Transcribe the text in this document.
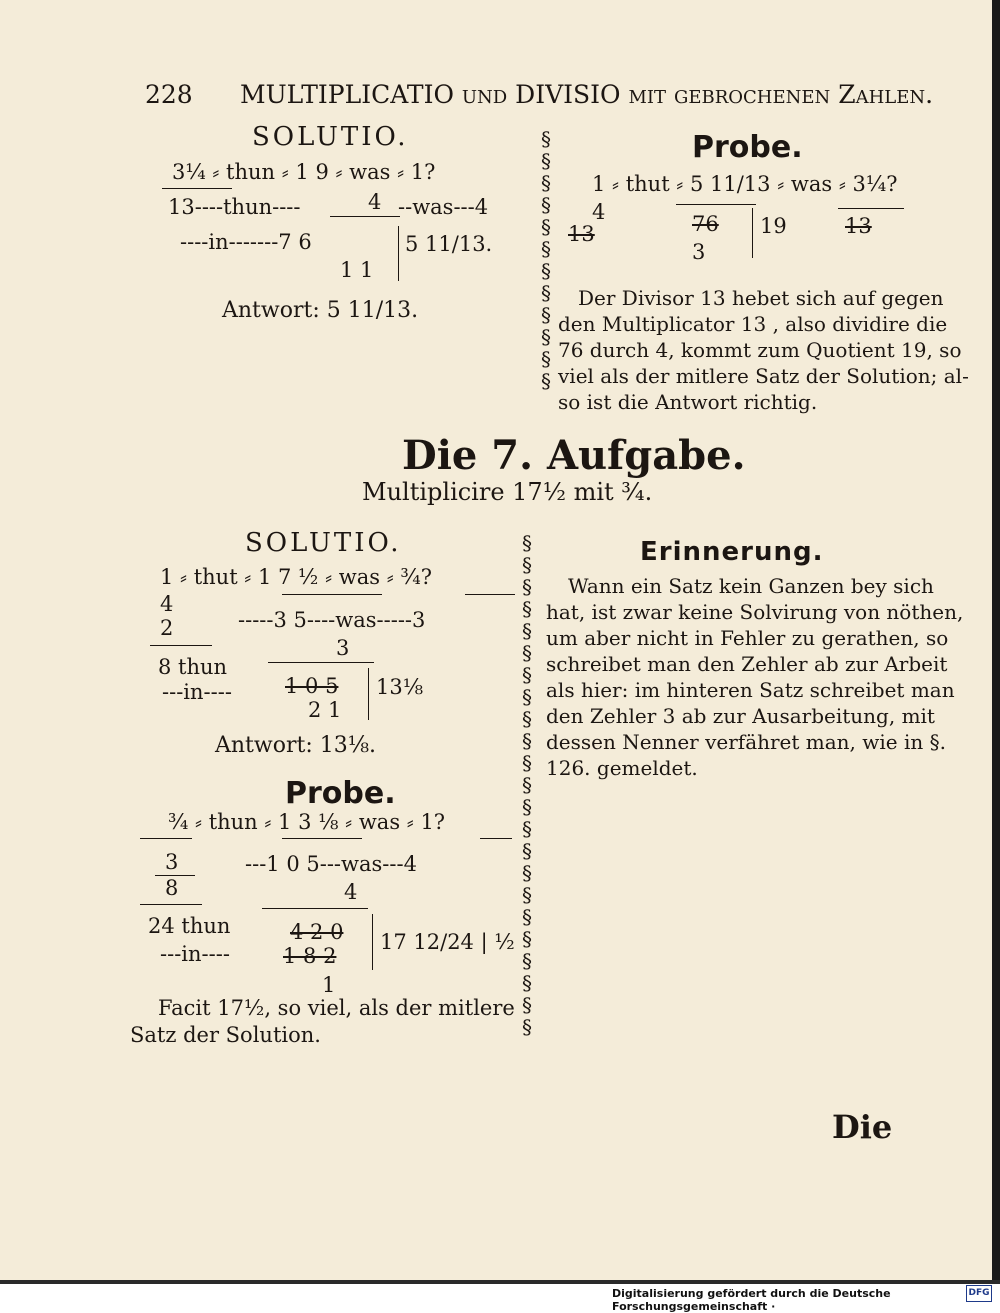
228 MULTIPLICATIO und DIVISIO mit gebrochenen Zahlen.
SOLUTIO.
3¼ ⸗ thun ⸗ 1 9 ⸗ was ⸗ 1?
13----thun----	4 --was---4
----in-------7 6	5 11/13.
1 1
Antwort: 5 11/13.
§
§
§
§
§
§
§
§
§
§
§
§
Probe.
1 ⸗ thut ⸗ 5 11/13 ⸗ was ⸗ 3¼?
4
13	76 19	13
3
Der Divisor 13 hebet sich auf gegen
den Multiplicator 13 , also dividire die
76 durch 4, kommt zum Quotient 19, so
viel als der mitlere Satz der Solution; al-
so ist die Antwort richtig.
Die 7. Aufgabe.
Multiplicire 17½ mit ¾.
SOLUTIO.
1 ⸗ thut ⸗ 1 7 ½ ⸗ was ⸗ ¾?
4
2	-----3 5----was-----3
3
8 thun
---in----	1 0 5 13⅛
2 1
Antwort: 13⅛.
Probe.
¾ ⸗ thun ⸗ 1 3 ⅛ ⸗ was ⸗ 1?
3	---1 0 5---was---4
8	4
24 thun
---in----
4 2 0
1 8 2
17 12/24 | ½
1
Facit 17½, so viel, als der mitlere
Satz der Solution.
§
§
§
§
§
§
§
§
§
§
§
§
§
§
§
§
§
§
§
§
§
§
§
Erinnerung.
Wann ein Satz kein Ganzen bey sich
hat, ist zwar keine Solvirung von nöthen,
um aber nicht in Fehler zu gerathen, so
schreibet man den Zehler ab zur Arbeit
als hier: im hinteren Satz schreibet man
den Zehler 3 ab zur Ausarbeitung, mit
dessen Nenner verfähret man, wie in §.
126. gemeldet.
Die
Digitalisierung gefördert durch die Deutsche Forschungsgemeinschaft ·
DFG
